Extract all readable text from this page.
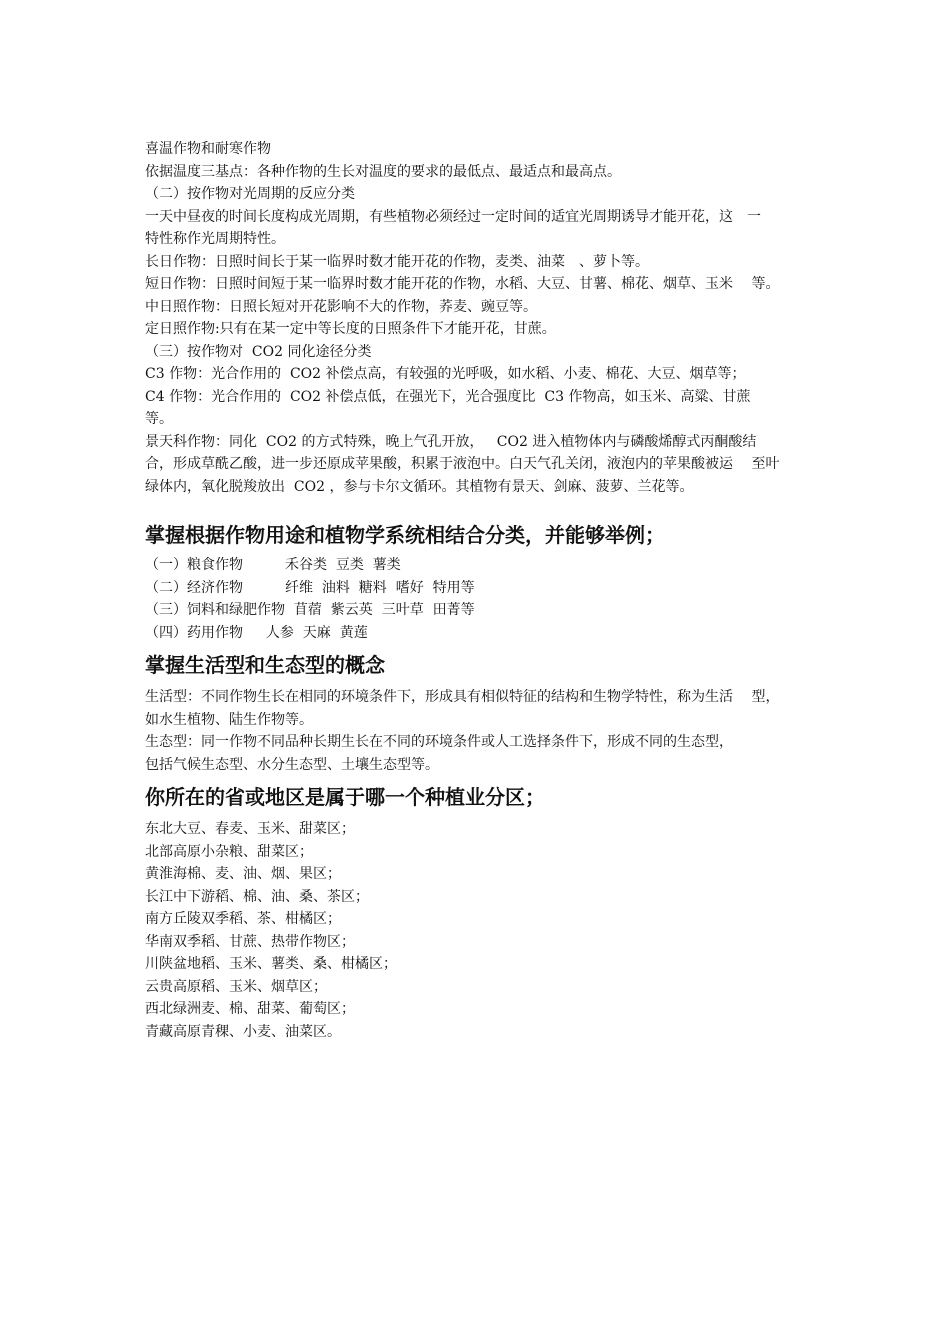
喜温作物和耐寒作物

依据温度三基点：各种作物的生长对温度的要求的最低点、最适点和最高点。

（二）按作物对光周期的反应分类

一天中昼夜的时间长度构成光周期，有些植物必须经过一定时间的适宜光周期诱导才能开花，这　一

特性称作光周期特性。

长日作物：日照时间长于某一临界时数才能开花的作物，麦类、油菜　、萝卜等。

短日作物：日照时间短于某一临界时数才能开花的作物，水稻、大豆、甘薯、棉花、烟草、玉米　 等。

中日照作物：日照长短对开花影响不大的作物，荞麦、豌豆等。

定日照作物:只有在某一定中等长度的日照条件下才能开花，甘蔗。

（三）按作物对  CO2 同化途径分类

C3 作物：光合作用的  CO2 补偿点高，有较强的光呼吸，如水稻、小麦、棉花、大豆、烟草等；

C4 作物：光合作用的  CO2 补偿点低，在强光下，光合强度比  C3 作物高，如玉米、高粱、甘蔗

等。

景天科作物：同化  CO2 的方式特殊，晚上气孔开放，   CO2 进入植物体内与磷酸烯醇式丙酮酸结

合，形成草酰乙酸，进一步还原成苹果酸，积累于液泡中。白天气孔关闭，液泡内的苹果酸被运　 至叶

绿体内，氧化脱羧放出  CO2 ，参与卡尔文循环。其植物有景天、剑麻、菠萝、兰花等。

掌握根据作物用途和植物学系统相结合分类，并能够举例；

（一）粮食作物　　　禾谷类  豆类  薯类

（二）经济作物　　　纤维  油料  糖料  嗜好  特用等

（三）饲料和绿肥作物  苜蓿  紫云英  三叶草  田菁等

（四）药用作物　  人参  天麻  黄莲

掌握生活型和生态型的概念

生活型：不同作物生长在相同的环境条件下，形成具有相似特征的结构和生物学特性，称为生活　 型，

如水生植物、陆生作物等。

生态型：同一作物不同品种长期生长在不同的环境条件或人工选择条件下，形成不同的生态型，

包括气候生态型、水分生态型、土壤生态型等。

你所在的省或地区是属于哪一个种植业分区；

东北大豆、春麦、玉米、甜菜区；

北部高原小杂粮、甜菜区；

黄淮海棉、麦、油、烟、果区；

长江中下游稻、棉、油、桑、茶区；

南方丘陵双季稻、茶、柑橘区；

华南双季稻、甘蔗、热带作物区；

川陕盆地稻、玉米、薯类、桑、柑橘区；

云贵高原稻、玉米、烟草区；

西北绿洲麦、棉、甜菜、葡萄区；

青藏高原青稞、小麦、油菜区。
